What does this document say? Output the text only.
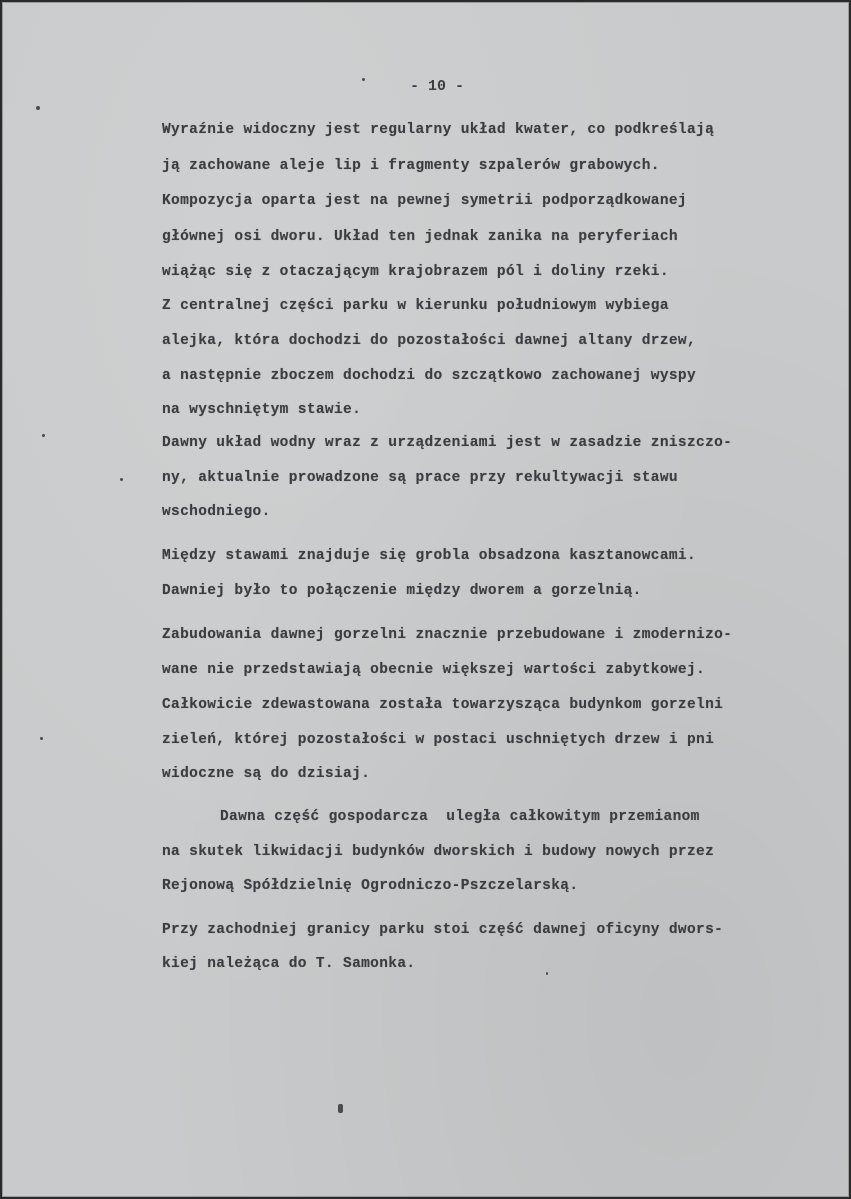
- 10 -
Wyraźnie widoczny jest regularny układ kwater, co podkreślają
ją zachowane aleje lip i fragmenty szpalerów grabowych.
Kompozycja oparta jest na pewnej symetrii podporządkowanej
głównej osi dworu. Układ ten jednak zanika na peryferiach
wiążąc się z otaczającym krajobrazem pól i doliny rzeki.
Z centralnej części parku w kierunku południowym wybiega
alejka, która dochodzi do pozostałości dawnej altany drzew,
a następnie zboczem dochodzi do szczątkowo zachowanej wyspy
na wyschniętym stawie.
Dawny układ wodny wraz z urządzeniami jest w zasadzie zniszczo-
ny, aktualnie prowadzone są prace przy rekultywacji stawu
wschodniego.
Między stawami znajduje się grobla obsadzona kasztanowcami.
Dawniej było to połączenie między dworem a gorzelnią.
Zabudowania dawnej gorzelni znacznie przebudowane i zmodernizo-
wane nie przedstawiają obecnie większej wartości zabytkowej.
Całkowicie zdewastowana została towarzysząca budynkom gorzelni
zieleń, której pozostałości w postaci uschniętych drzew i pni
widoczne są do dzisiaj.
Dawna część gospodarcza  uległa całkowitym przemianom
na skutek likwidacji budynków dworskich i budowy nowych przez
Rejonową Spółdzielnię Ogrodniczo-Pszczelarską.
Przy zachodniej granicy parku stoi część dawnej oficyny dwors-
kiej należąca do T. Samonka.
